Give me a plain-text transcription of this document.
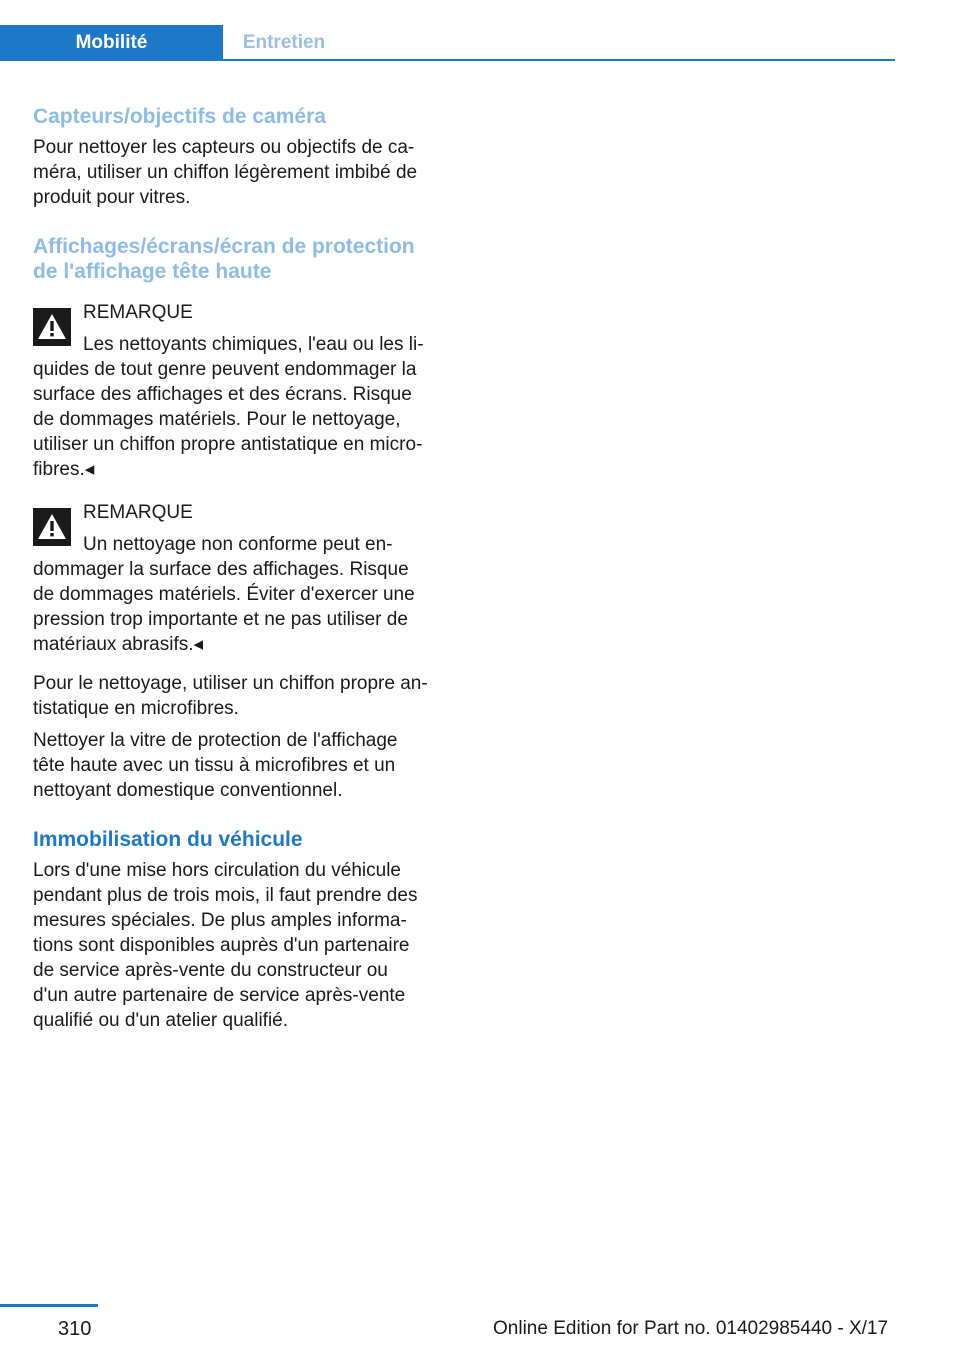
Mobilité	Entretien
Capteurs/objectifs de caméra

Pour nettoyer les capteurs ou objectifs de ca‐

méra, utiliser un chiffon légèrement imbibé de

produit pour vitres.

Affichages/écrans/écran de protection
de l'affichage tête haute
REMARQUE

Les nettoyants chimiques, l'eau ou les li‐

quides de tout genre peuvent endommager la

surface des affichages et des écrans. Risque

de dommages matériels. Pour le nettoyage,

utiliser un chiffon propre antistatique en micro‐

fibres.◂

REMARQUE

Un nettoyage non conforme peut en‐

dommager la surface des affichages. Risque

de dommages matériels. Éviter d'exercer une

pression trop importante et ne pas utiliser de

matériaux abrasifs.◂

Pour le nettoyage, utiliser un chiffon propre an‐

tistatique en microfibres.

Nettoyer la vitre de protection de l'affichage

tête haute avec un tissu à microfibres et un

nettoyant domestique conventionnel.

Immobilisation du véhicule

Lors d'une mise hors circulation du véhicule

pendant plus de trois mois, il faut prendre des

mesures spéciales. De plus amples informa‐

tions sont disponibles auprès d'un partenaire

de service après-vente du constructeur ou

d'un autre partenaire de service après-vente

qualifié ou d'un atelier qualifié.

310	Online Edition for Part no. 01402985440 - X/17
